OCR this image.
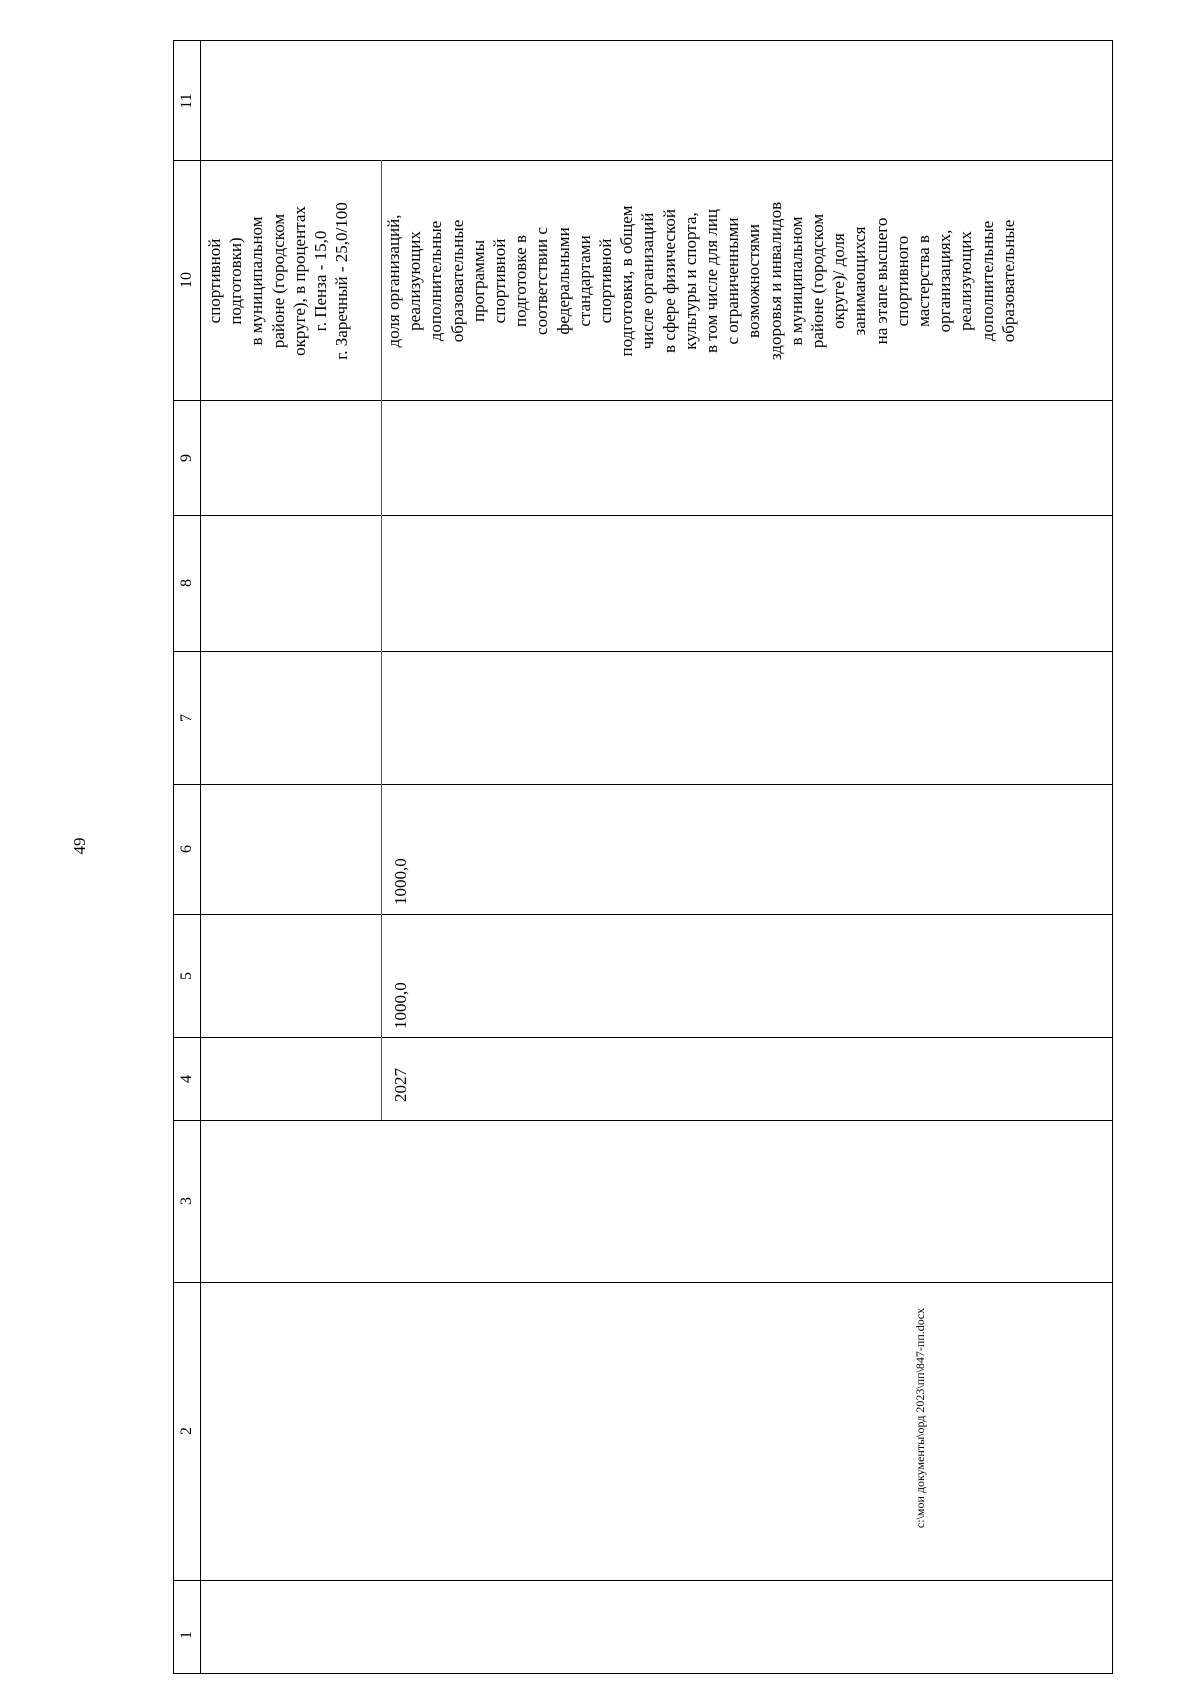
49
c:\мои документы\орд 2023\пп\847-пп.docx
11
10
9
8
7
6
5
4
3
2
1
2027
1000,0
1000,0
спортивной подготовки) в муниципальном районе (городском округе), в процентах г. Пенза - 15,0 г. Заречный - 25,0/100 доля организаций, реализующих дополнительные образовательные программы спортивной подготовке в соответствии с федеральными стандартами спортивной подготовки, в общем числе организаций в сфере физической культуры и спорта, в том числе для лиц с ограниченными возможностями здоровья и инвалидов в муниципальном районе (городском округе)/ доля занимающихся на этапе высшего спортивного мастерства в организациях, реализующих дополнительные образовательные
